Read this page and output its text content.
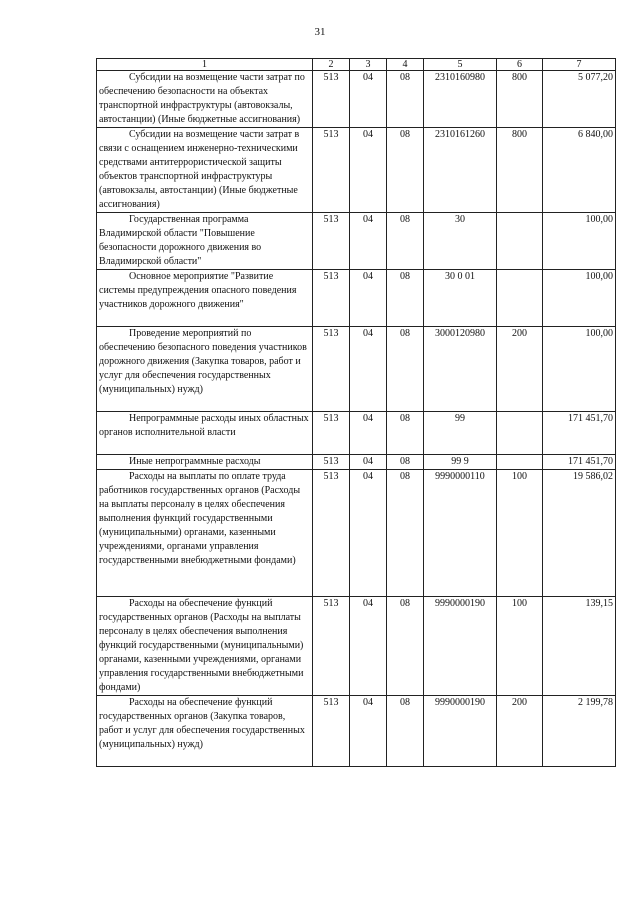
31
1	2	3	4	5	6	7
Субсидии на возмещение части затрат по обеспечению безопасности на объектах транспортной инфраструктуры (автовокзалы, автостанции) (Иные бюджетные ассигнования)	513	04	08	2310160980	800	5 077,20
Субсидии на возмещение части затрат в связи с оснащением инженерно-техническими средствами антитеррористической защиты объектов транспортной инфраструктуры (автовокзалы, автостанции) (Иные бюджетные ассигнования)	513	04	08	2310161260	800	6 840,00
Государственная программа Владимирской области "Повышение безопасности дорожного движения во Владимирской области"	513	04	08	30		100,00
Основное мероприятие "Развитие системы предупреждения опасного поведения участников дорожного движения"	513	04	08	30 0 01		100,00
Проведение мероприятий по обеспечению безопасного поведения участников дорожного движения (Закупка товаров, работ и услуг для обеспечения государственных (муниципальных) нужд)	513	04	08	3000120980	200	100,00
Непрограммные расходы иных областных органов исполнительной власти	513	04	08	99		171 451,70
Иные непрограммные расходы	513	04	08	99 9		171 451,70
Расходы на выплаты по оплате труда работников государственных органов (Расходы на выплаты персоналу в целях обеспечения выполнения функций государственными (муниципальными) органами, казенными учреждениями, органами управления государственными внебюджетными фондами)	513	04	08	9990000110	100	19 586,02
Расходы на обеспечение функций государственных органов (Расходы на выплаты персоналу в целях обеспечения выполнения функций государственными (муниципальными) органами, казенными учреждениями, органами управления государственными внебюджетными фондами)	513	04	08	9990000190	100	139,15
Расходы на обеспечение функций государственных органов (Закупка товаров, работ и услуг для обеспечения государственных (муниципальных) нужд)	513	04	08	9990000190	200	2 199,78
